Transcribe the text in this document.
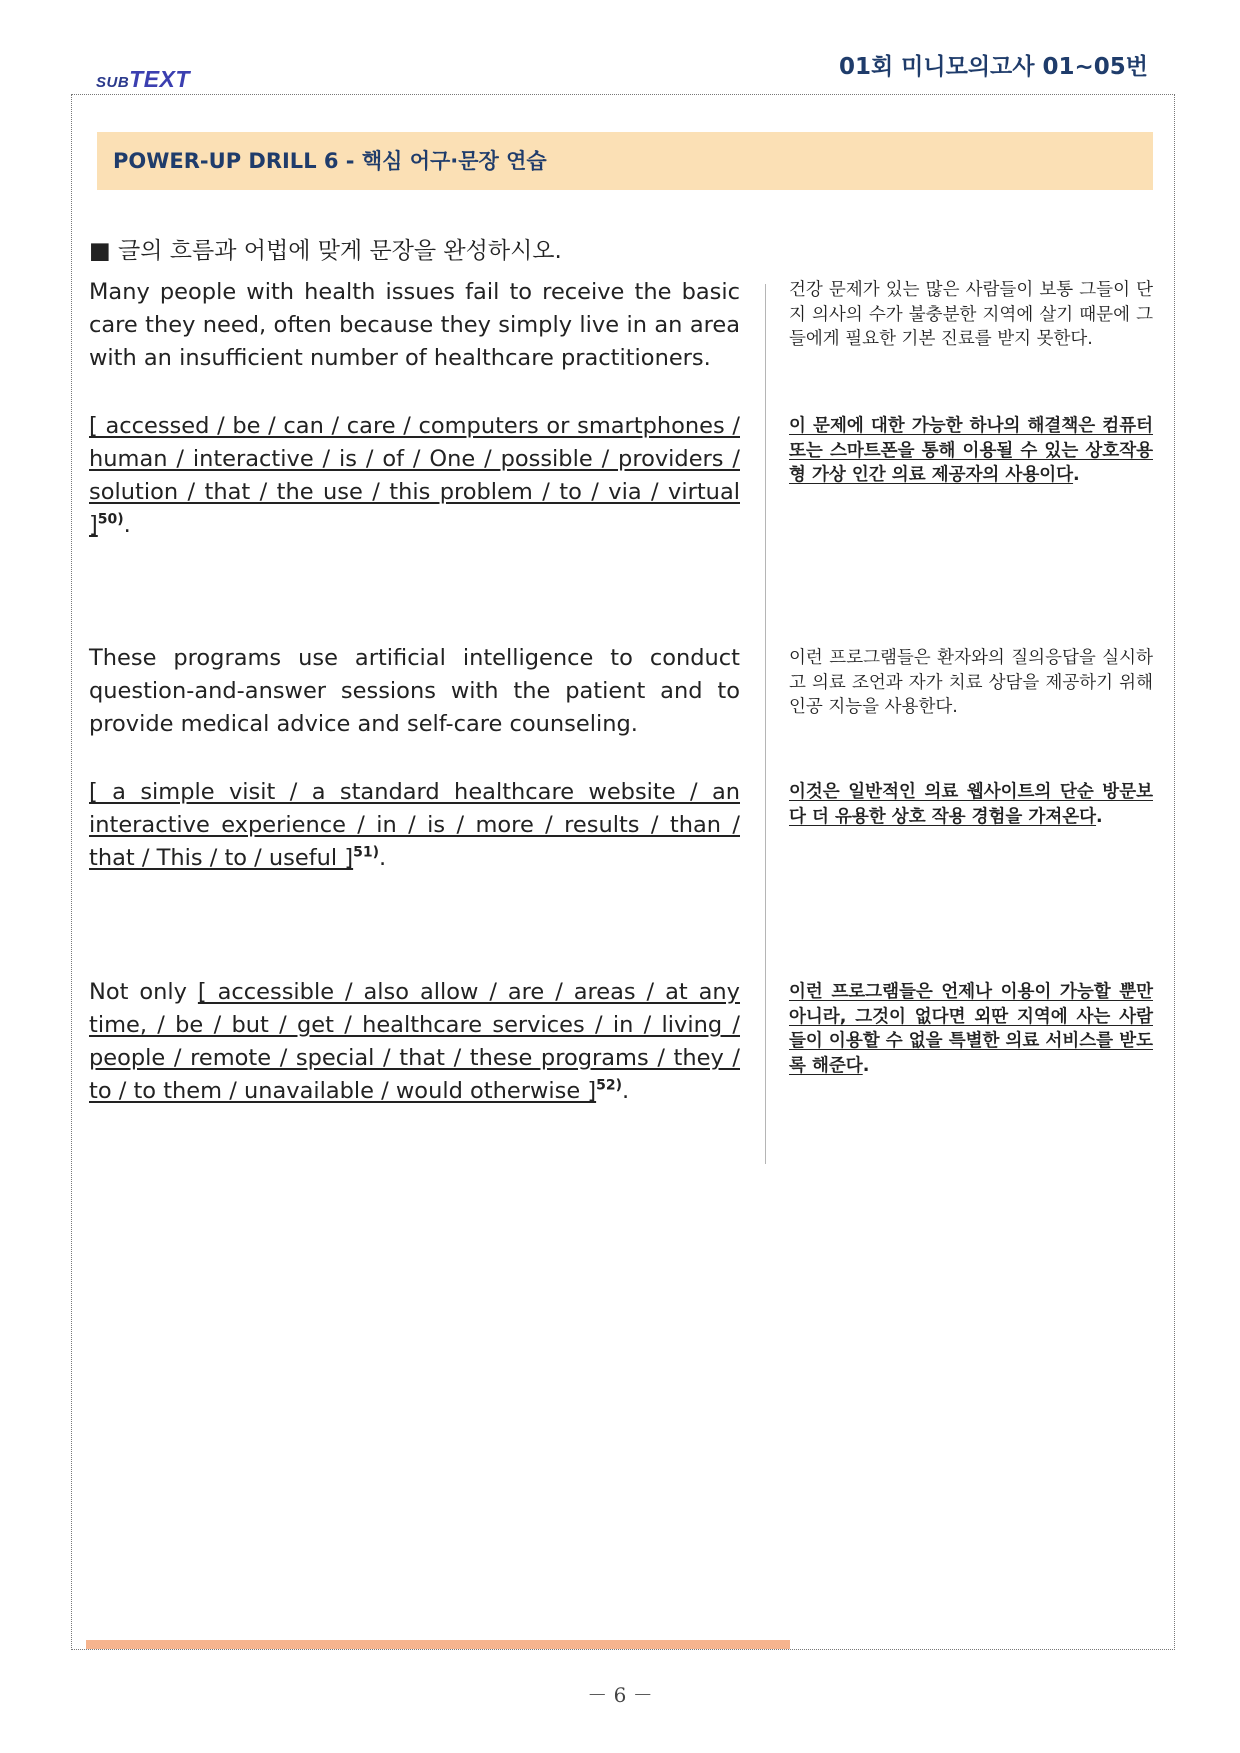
SUBTEXT	01회 미니모의고사 01~05번
POWER-UP DRILL 6 - 핵심 어구·문장 연습
■ 글의 흐름과 어법에 맞게 문장을 완성하시오.
Many people with health issues fail to receive the basic care they need, often because they simply live in an area with an insufficient number of healthcare practitioners.
건강 문제가 있는 많은 사람들이 보통 그들이 단지 의사의 수가 불충분한 지역에 살기 때문에 그들에게 필요한 기본 진료를 받지 못한다.
[ accessed / be / can / care / computers or smartphones / human / interactive / is / of / One / possible / providers / solution / that / the use / this problem / to / via / virtual ]$^{50)}$.
이 문제에 대한 가능한 하나의 해결책은 컴퓨터 또는 스마트폰을 통해 이용될 수 있는 상호작용형 가상 인간 의료 제공자의 사용이다.
These programs use artificial intelligence to conduct question-and-answer sessions with the patient and to provide medical advice and self-care counseling.
이런 프로그램들은 환자와의 질의응답을 실시하고 의료 조언과 자가 치료 상담을 제공하기 위해 인공 지능을 사용한다.
[ a simple visit / a standard healthcare website / an interactive experience / in / is / more / results / than / that / This / to / useful ]$^{51)}$.
이것은 일반적인 의료 웹사이트의 단순 방문보다 더 유용한 상호 작용 경험을 가져온다.
Not only [ accessible / also allow / are / areas / at any time, / be / but / get / healthcare services / in / living / people / remote / special / that / these programs / they / to / to them / unavailable / would otherwise ]$^{52)}$.
이런 프로그램들은 언제나 이용이 가능할 뿐만 아니라, 그것이 없다면 외딴 지역에 사는 사람들이 이용할 수 없을 특별한 의료 서비스를 받도록 해준다.
－ 6 －
